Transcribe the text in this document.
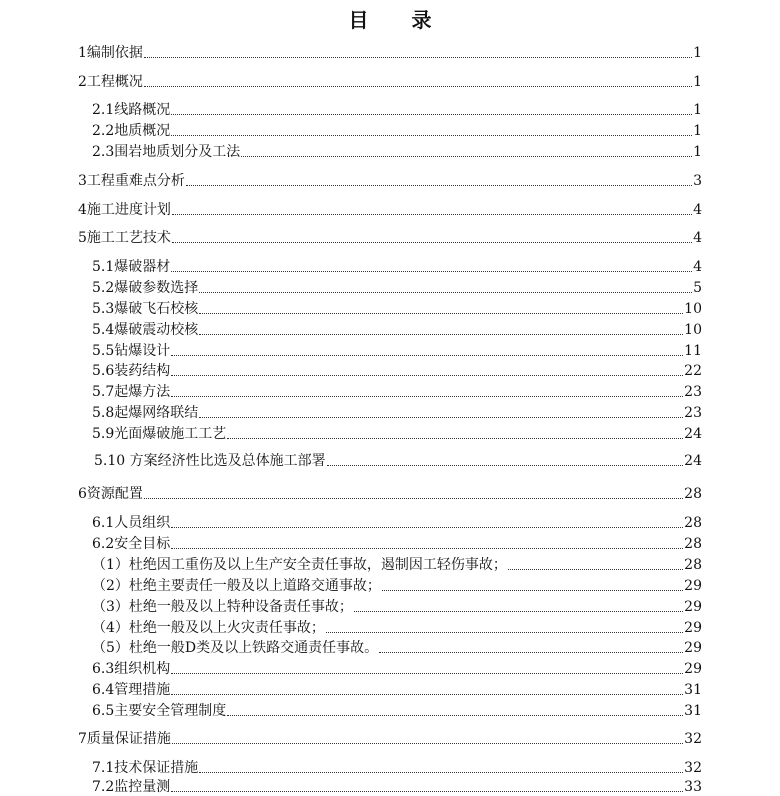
目 录
1编制依据	1
2工程概况	1
2.1线路概况	1
2.2地质概况	1
2.3围岩地质划分及工法	1
3工程重难点分析	3
4施工进度计划	4
5施工工艺技术	4
5.1爆破器材	4
5.2爆破参数选择	5
5.3爆破飞石校核	10
5.4爆破震动校核	10
5.5钻爆设计	11
5.6装药结构	22
5.7起爆方法	23
5.8起爆网络联结	23
5.9光面爆破施工工艺	24
5.10 方案经济性比选及总体施工部署	24
6资源配置	28
6.1人员组织	28
6.2安全目标	28
（1）杜绝因工重伤及以上生产安全责任事故，遏制因工轻伤事故；	28
（2）杜绝主要责任一般及以上道路交通事故；	29
（3）杜绝一般及以上特种设备责任事故；	29
（4）杜绝一般及以上火灾责任事故；	29
（5）杜绝一般D类及以上铁路交通责任事故。	29
6.3组织机构	29
6.4管理措施	31
6.5主要安全管理制度	31
7质量保证措施	32
7.1技术保证措施	32
7.2监控量测	33
